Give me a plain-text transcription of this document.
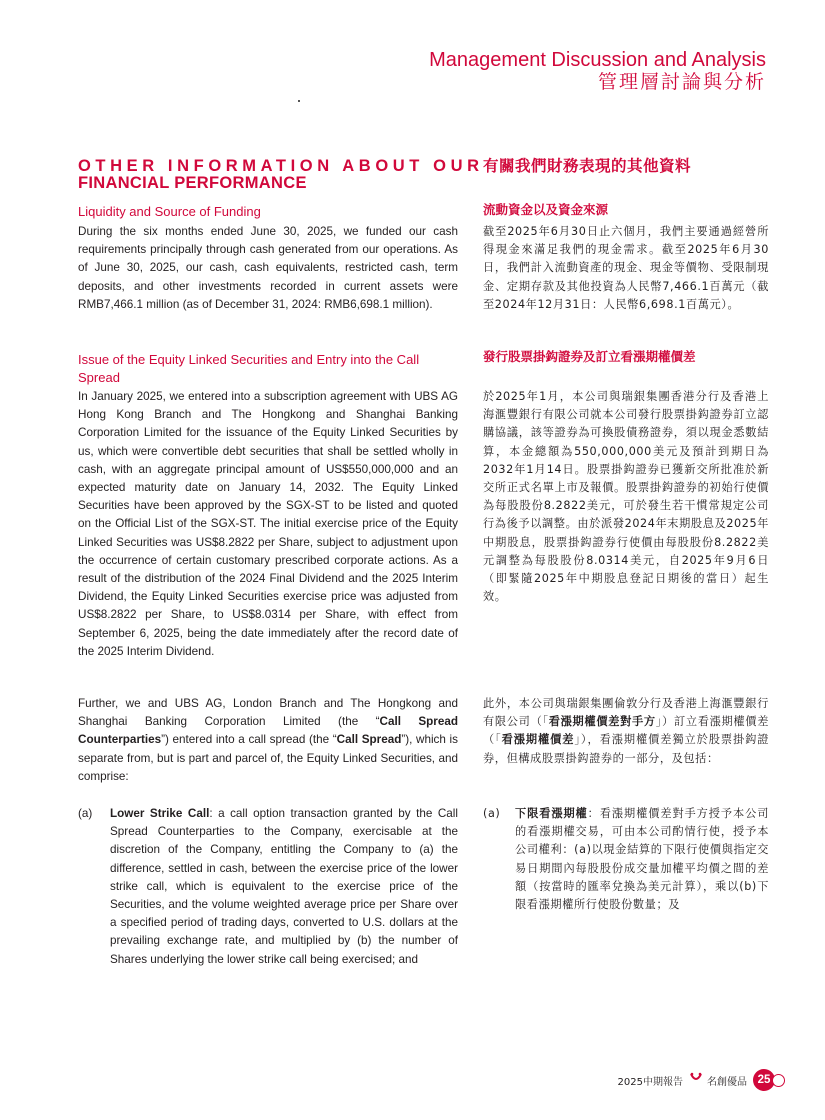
Management Discussion and Analysis
管理層討論與分析
OTHER INFORMATION ABOUT OUR
FINANCIAL PERFORMANCE
Liquidity and Source of Funding

During the six months ended June 30, 2025, we funded our cash requirements principally through cash generated from our operations. As of June 30, 2025, our cash, cash equivalents, restricted cash, term deposits, and other investments recorded in current assets were RMB7,466.1 million (as of December 31, 2024: RMB6,698.1 million).

Issue of the Equity Linked Securities and Entry into the Call Spread

In January 2025, we entered into a subscription agreement with UBS AG Hong Kong Branch and The Hongkong and Shanghai Banking Corporation Limited for the issuance of the Equity Linked Securities by us, which were convertible debt securities that shall be settled wholly in cash, with an aggregate principal amount of US$550,000,000 and an expected maturity date on January 14, 2032. The Equity Linked Securities have been approved by the SGX-ST to be listed and quoted on the Official List of the SGX-ST. The initial exercise price of the Equity Linked Securities was US$8.2822 per Share, subject to adjustment upon the occurrence of certain customary prescribed corporate actions. As a result of the distribution of the 2024 Final Dividend and the 2025 Interim Dividend, the Equity Linked Securities exercise price was adjusted from US$8.2822 per Share, to US$8.0314 per Share, with effect from September 6, 2025, being the date immediately after the record date of the 2025 Interim Dividend.

Further, we and UBS AG, London Branch and The Hongkong and Shanghai Banking Corporation Limited (the “Call Spread Counterparties”) entered into a call spread (the “Call Spread”), which is separate from, but is part and parcel of, the Equity Linked Securities, and comprise:

(a)	Lower Strike Call: a call option transaction granted by the Call Spread Counterparties to the Company, exercisable at the discretion of the Company, entitling the Company to (a) the difference, settled in cash, between the exercise price of the lower strike call, which is equivalent to the exercise price of the Securities, and the volume weighted average price per Share over a specified period of trading days, converted to U.S. dollars at the prevailing exchange rate, and multiplied by (b) the number of Shares underlying the lower strike call being exercised; and
有關我們財務表現的其他資料
流動資金以及資金來源

截至2025年6月30日止六個月，我們主要通過經營所得現金來滿足我們的現金需求。截至2025年6月30日，我們計入流動資產的現金、現金等價物、受限制現金、定期存款及其他投資為人民幣7,466.1百萬元（截至2024年12月31日：人民幣6,698.1百萬元）。

發行股票掛鈎證券及訂立看漲期權價差

於2025年1月，本公司與瑞銀集團香港分行及香港上海滙豐銀行有限公司就本公司發行股票掛鈎證券訂立認購協議，該等證券為可換股債務證券，須以現金悉數結算，本金總額為550,000,000美元及預計到期日為2032年1月14日。股票掛鈎證券已獲新交所批准於新交所正式名單上市及報價。股票掛鈎證券的初始行使價為每股股份8.2822美元，可於發生若干慣常規定公司行為後予以調整。由於派發2024年末期股息及2025年中期股息，股票掛鈎證券行使價由每股股份8.2822美元調整為每股股份8.0314美元，自2025年9月6日（即緊隨2025年中期股息登記日期後的當日）起生效。

此外，本公司與瑞銀集團倫敦分行及香港上海滙豐銀行有限公司（「看漲期權價差對手方」）訂立看漲期權價差（「看漲期權價差」），看漲期權價差獨立於股票掛鈎證券，但構成股票掛鈎證券的一部分，及包括：

(a)	下限看漲期權：看漲期權價差對手方授予本公司的看漲期權交易，可由本公司酌情行使，授予本公司權利：(a)以現金結算的下限行使價與指定交易日期間內每股股份成交量加權平均價之間的差額（按當時的匯率兌換為美元計算），乘以(b)下限看漲期權所行使股份數量；及
2025中期報告 名創優品 25
